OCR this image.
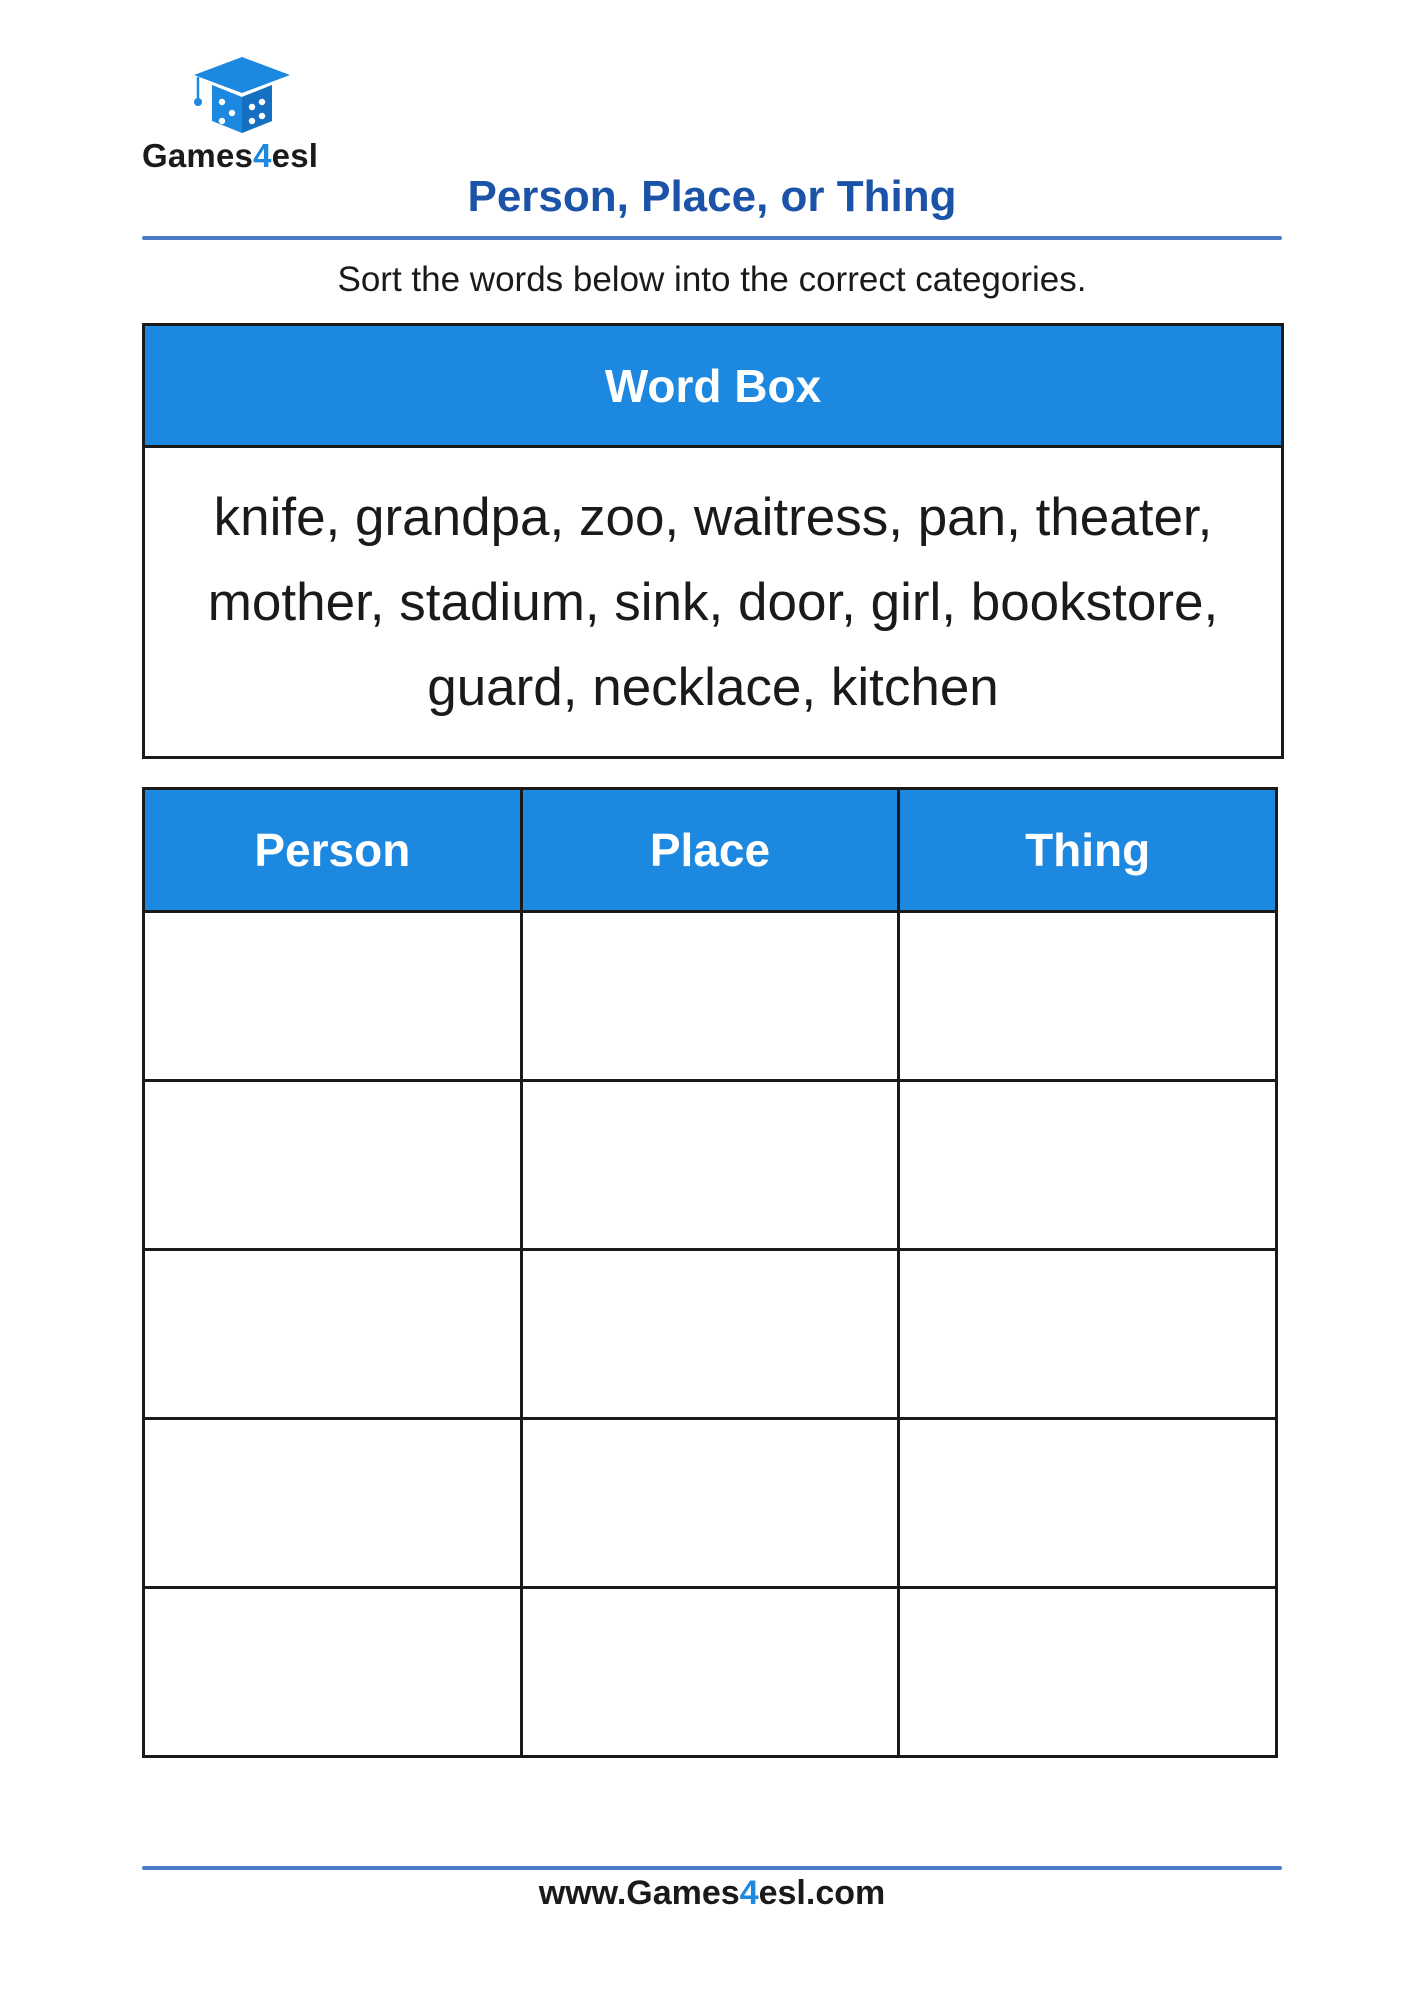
Games4esl
Person, Place, or Thing
Sort the words below into the correct categories.
Word Box
knife, grandpa, zoo, waitress, pan, theater, mother, stadium, sink, door, girl, bookstore, guard, necklace, kitchen
Person	Place	Thing

www.Games4esl.com
